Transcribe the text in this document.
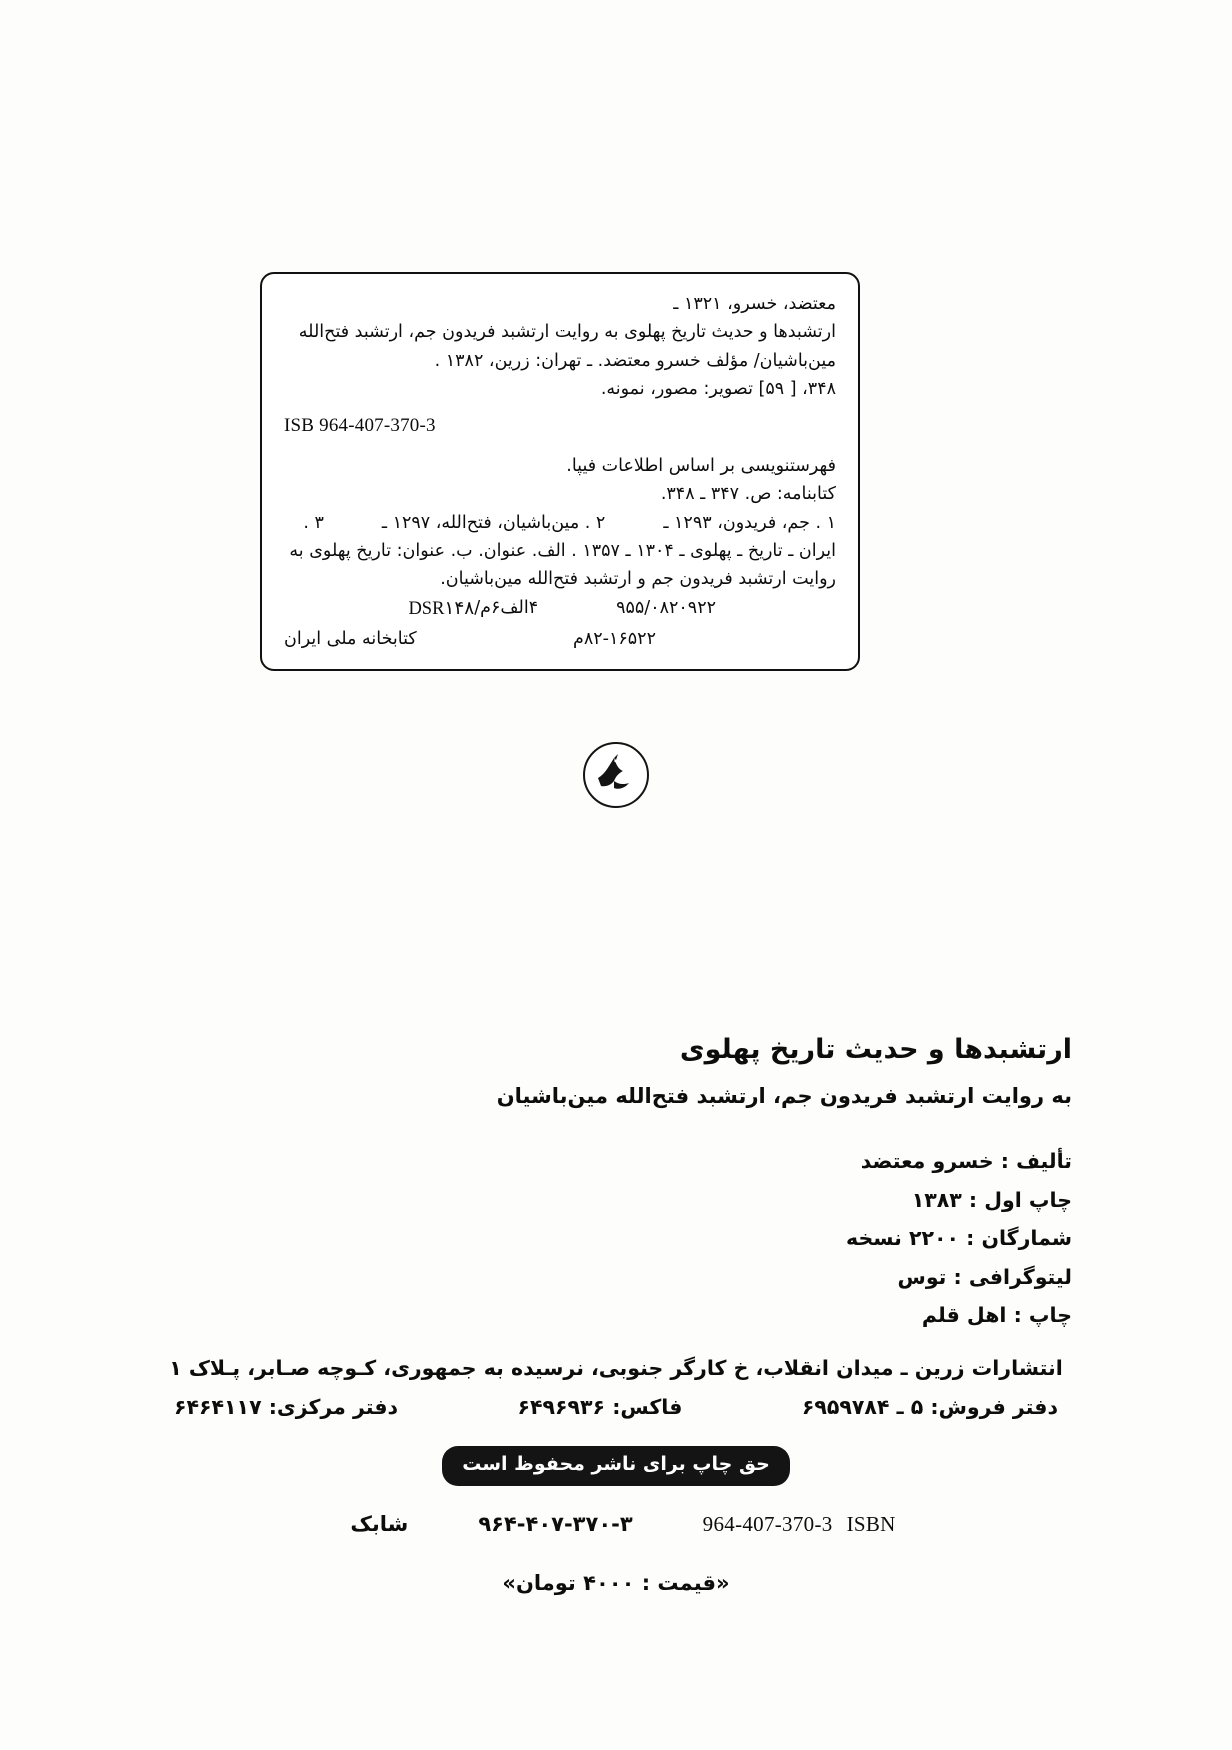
معتضد، خسرو، ۱۳۲۱ ـ
ارتشبدها و حدیث تاریخ پهلوی به روایت ارتشبد فریدون جم، ارتشبد فتح‌الله
مین‌باشیان/ مؤلف خسرو معتضد. ـ تهران: زرین، ۱۳۸۲ .
۳۴۸، [ ۵۹] تصویر: مصور، نمونه.
ISB 964-407-370-3
فهرستنویسی بر اساس اطلاعات فیپا.
کتابنامه: ص. ۳۴۷ ـ ۳۴۸.
۱ . جم، فریدون، ۱۲۹۳ ـ
۲ . مین‌باشیان، فتح‌الله، ۱۲۹۷ ـ
۳ .
ایران ـ تاریخ ـ پهلوی ـ ۱۳۰۴ ـ ۱۳۵۷ . الف. عنوان. ب. عنوان: تاریخ پهلوی به
روایت ارتشبد فریدون جم و ارتشبد فتح‌الله مین‌باشیان.
۹۵۵/۰۸۲۰۹۲۲
۴الف۶م/
DSR۱۴۸
۸۲-۱۶۵۲۲م
کتابخانه ملی ایران
ارتشبدها و حدیث تاریخ پهلوی
به روایت ارتشبد فریدون جم، ارتشبد فتح‌الله مین‌باشیان

تألیف : خسرو معتضد

چاپ اول : ۱۳۸۳

شمارگان : ۲۲۰۰ نسخه

لیتوگرافی : توس

چاپ : اهل قلم

انتشارات زرین ـ میدان انقلاب، خ کارگر جنوبی، نرسیده به جمهوری، کـوچه صـابر، پـلاک ۱
دفتر فروش: ۵ ـ ۶۹۵۹۷۸۴
فاکس: ۶۴۹۶۹۳۶
دفتر مرکزی: ۶۴۶۴۱۱۷
حق چاپ برای ناشر محفوظ است
ISBN
964-407-370-3
۹۶۴-۴۰۷-۳۷۰-۳
شابک
«قیمت : ۴۰۰۰ تومان»
